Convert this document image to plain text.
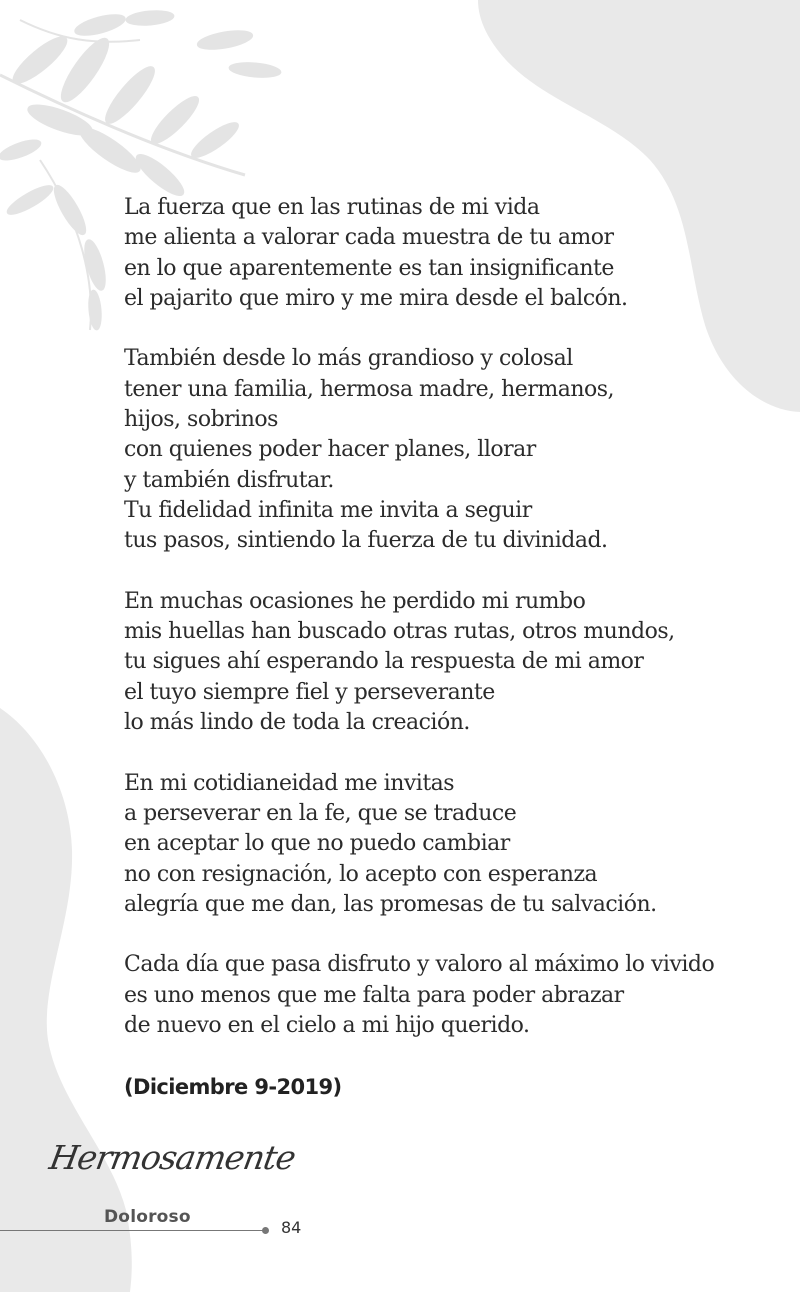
La fuerza que en las rutinas de mi vida
me alienta a valorar cada muestra de tu amor
en lo que aparentemente es tan insignificante
el pajarito que miro y me mira desde el balcón.
También desde lo más grandioso y colosal
tener una familia, hermosa madre, hermanos,
hijos, sobrinos
con quienes poder hacer planes, llorar
y también disfrutar.
Tu fidelidad infinita me invita a seguir
tus pasos, sintiendo la fuerza de tu divinidad.
En muchas ocasiones he perdido mi rumbo
mis huellas han buscado otras rutas, otros mundos,
tu sigues ahí esperando la respuesta de mi amor
el tuyo siempre fiel y perseverante
lo más lindo de toda la creación.
En mi cotidianeidad me invitas
a perseverar en la fe, que se traduce
en aceptar lo que no puedo cambiar
no con resignación, lo acepto con esperanza
alegría que me dan, las promesas de tu salvación.
Cada día que pasa disfruto y valoro al máximo lo vivido
es uno menos que me falta para poder abrazar
de nuevo en el cielo a mi hijo querido.
(Diciembre 9-2019)
Hermosamente
Doloroso
84
